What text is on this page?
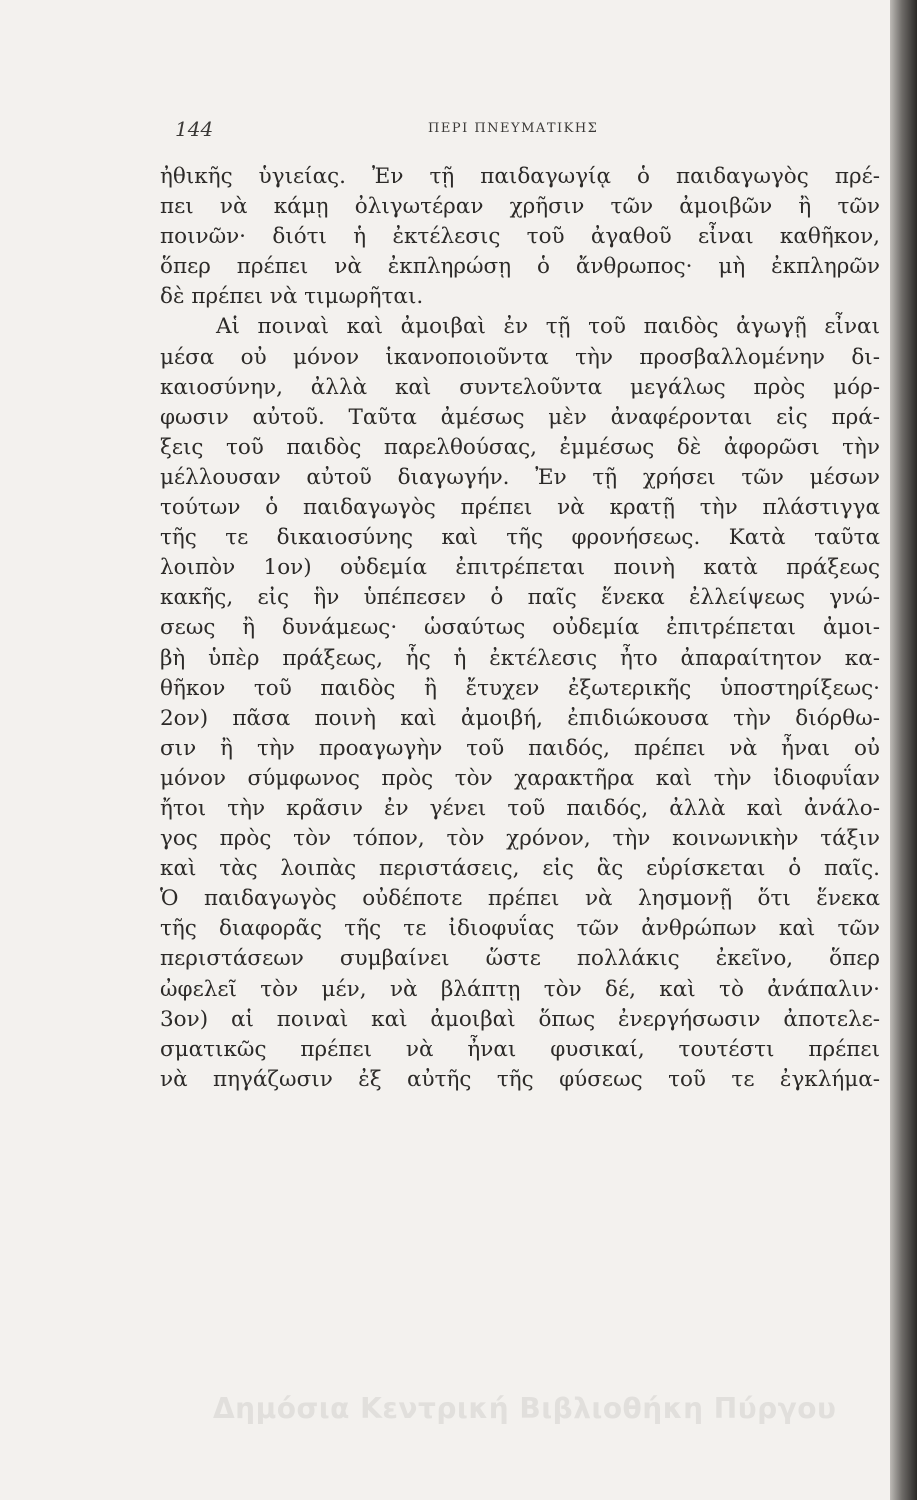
144	ΠΕΡΙ ΠΝΕΥΜΑΤΙΚΗΣ
ἠθικῆς ὑγιείας. Ἐν τῇ παιδαγωγίᾳ ὁ παιδαγωγὸς πρέ-
πει νὰ κάμῃ ὀλιγωτέραν χρῆσιν τῶν ἀμοιβῶν ἢ τῶν
ποινῶν· διότι ἡ ἐκτέλεσις τοῦ ἀγαθοῦ εἶναι καθῆκον,
ὅπερ πρέπει νὰ ἐκπληρώσῃ ὁ ἄνθρωπος· μὴ ἐκπληρῶν
δὲ πρέπει νὰ τιμωρῆται.
Αἱ ποιναὶ καὶ ἀμοιβαὶ ἐν τῇ τοῦ παιδὸς ἀγωγῇ εἶναι
μέσα οὐ μόνον ἱκανοποιοῦντα τὴν προσβαλλομένην δι-
καιοσύνην, ἀλλὰ καὶ συντελοῦντα μεγάλως πρὸς μόρ-
φωσιν αὐτοῦ. Ταῦτα ἀμέσως μὲν ἀναφέρονται εἰς πρά-
ξεις τοῦ παιδὸς παρελθούσας, ἐμμέσως δὲ ἀφορῶσι τὴν
μέλλουσαν αὐτοῦ διαγωγήν. Ἐν τῇ χρήσει τῶν μέσων
τούτων ὁ παιδαγωγὸς πρέπει νὰ κρατῇ τὴν πλάστιγγα
τῆς τε δικαιοσύνης καὶ τῆς φρονήσεως. Κατὰ ταῦτα
λοιπὸν 1ον) οὐδεμία ἐπιτρέπεται ποινὴ κατὰ πράξεως
κακῆς, εἰς ἣν ὑπέπεσεν ὁ παῖς ἕνεκα ἐλλείψεως γνώ-
σεως ἢ δυνάμεως· ὡσαύτως οὐδεμία ἐπιτρέπεται ἀμοι-
βὴ ὑπὲρ πράξεως, ἧς ἡ ἐκτέλεσις ἦτο ἀπαραίτητον κα-
θῆκον τοῦ παιδὸς ἢ ἔτυχεν ἐξωτερικῆς ὑποστηρίξεως·
2ον) πᾶσα ποινὴ καὶ ἀμοιβή, ἐπιδιώκουσα τὴν διόρθω-
σιν ἢ τὴν προαγωγὴν τοῦ παιδός, πρέπει νὰ ἦναι οὐ
μόνον σύμφωνος πρὸς τὸν χαρακτῆρα καὶ τὴν ἰδιοφυΐαν
ἤτοι τὴν κρᾶσιν ἐν γένει τοῦ παιδός, ἀλλὰ καὶ ἀνάλο-
γος πρὸς τὸν τόπον, τὸν χρόνον, τὴν κοινωνικὴν τάξιν
καὶ τὰς λοιπὰς περιστάσεις, εἰς ἃς εὑρίσκεται ὁ παῖς.
Ὁ παιδαγωγὸς οὐδέποτε πρέπει νὰ λησμονῇ ὅτι ἕνεκα
τῆς διαφορᾶς τῆς τε ἰδιοφυΐας τῶν ἀνθρώπων καὶ τῶν
περιστάσεων συμβαίνει ὥστε πολλάκις ἐκεῖνο, ὅπερ
ὠφελεῖ τὸν μέν, νὰ βλάπτῃ τὸν δέ, καὶ τὸ ἀνάπαλιν·
3ον) αἱ ποιναὶ καὶ ἀμοιβαὶ ὅπως ἐνεργήσωσιν ἀποτελε-
σματικῶς πρέπει νὰ ἦναι φυσικαί, τουτέστι πρέπει
νὰ πηγάζωσιν ἐξ αὐτῆς τῆς φύσεως τοῦ τε ἐγκλήμα-
Δημόσια Κεντρική Βιβλιοθήκη Πύργου
